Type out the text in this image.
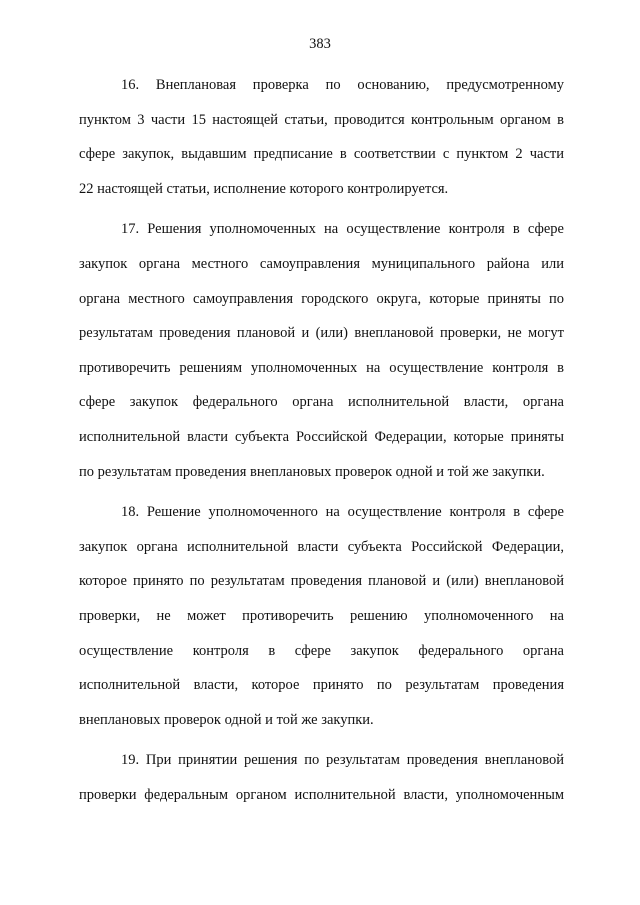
383
16. Внеплановая проверка по основанию, предусмотренному
пунктом 3 части 15 настоящей статьи, проводится контрольным органом в
сфере закупок, выдавшим предписание в соответствии с пунктом 2 части
22 настоящей статьи, исполнение которого контролируется.
17. Решения уполномоченных на осуществление контроля в сфере
закупок органа местного самоуправления муниципального района или
органа местного самоуправления городского округа, которые приняты по
результатам проведения плановой и (или) внеплановой проверки, не могут
противоречить решениям уполномоченных на осуществление контроля в
сфере закупок федерального органа исполнительной власти, органа
исполнительной власти субъекта Российской Федерации, которые приняты
по результатам проведения внеплановых проверок одной и той же закупки.
18. Решение уполномоченного на осуществление контроля в сфере
закупок органа исполнительной власти субъекта Российской Федерации,
которое принято по результатам проведения плановой и (или) внеплановой
проверки, не может противоречить решению уполномоченного на
осуществление контроля в сфере закупок федерального органа
исполнительной власти, которое принято по результатам проведения
внеплановых проверок одной и той же закупки.
19. При принятии решения по результатам проведения внеплановой
проверки федеральным органом исполнительной власти, уполномоченным
